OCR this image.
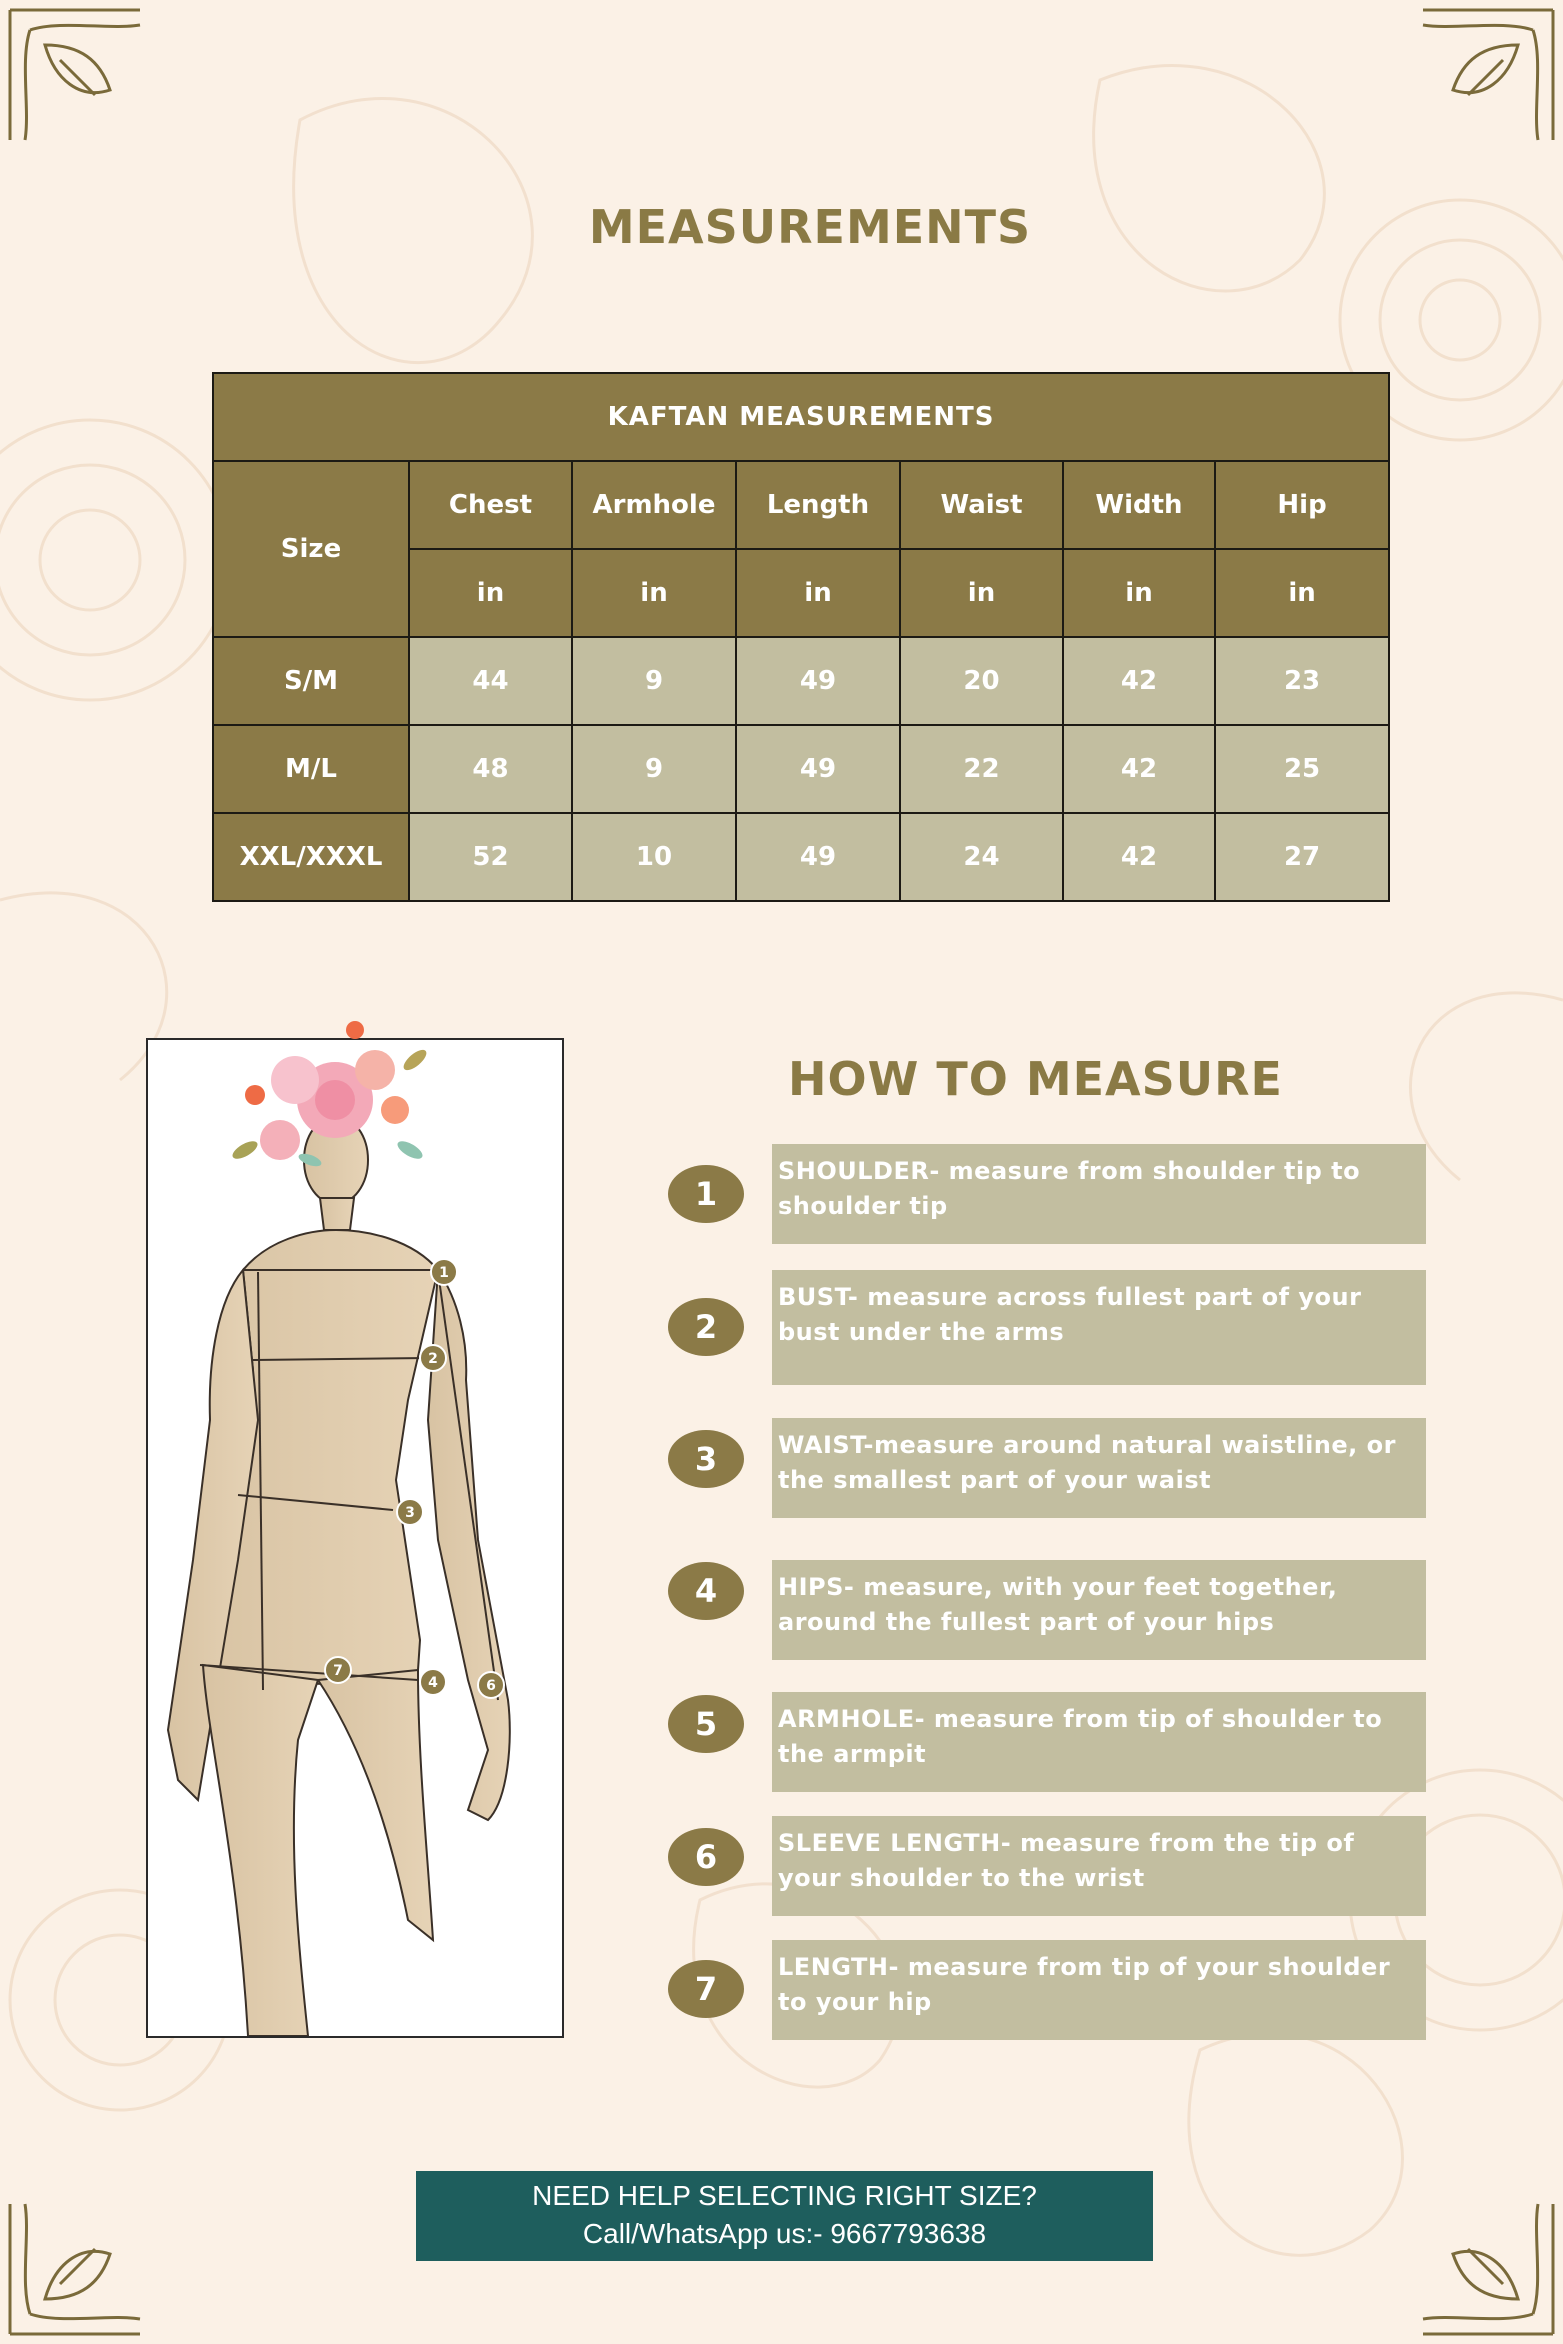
MEASUREMENTS
KAFTAN MEASUREMENTS						
Size	Chest	Armhole	Length	Waist	Width	Hip
	in	in	in	in	in	in
S/M	44	9	49	20	42	23
M/L	48	9	49	22	42	25
XXL/XXXL	52	10	49	24	42	27
1
2
3
4	6
7
HOW TO MEASURE
1
SHOULDER- measure from shoulder tip to shoulder tip
2
BUST- measure across fullest part of your bust under the arms
3	WAIST-measure around natural waistline, or the smallest part of your waist
4	HIPS- measure, with your feet together, around the fullest part of your hips
5	ARMHOLE- measure from tip of shoulder to the armpit
6	SLEEVE LENGTH- measure from the tip of your shoulder to the wrist
7
LENGTH- measure from tip of your shoulder to your hip
NEED HELP SELECTING RIGHT SIZE?
Call/WhatsApp us:- 9667793638
